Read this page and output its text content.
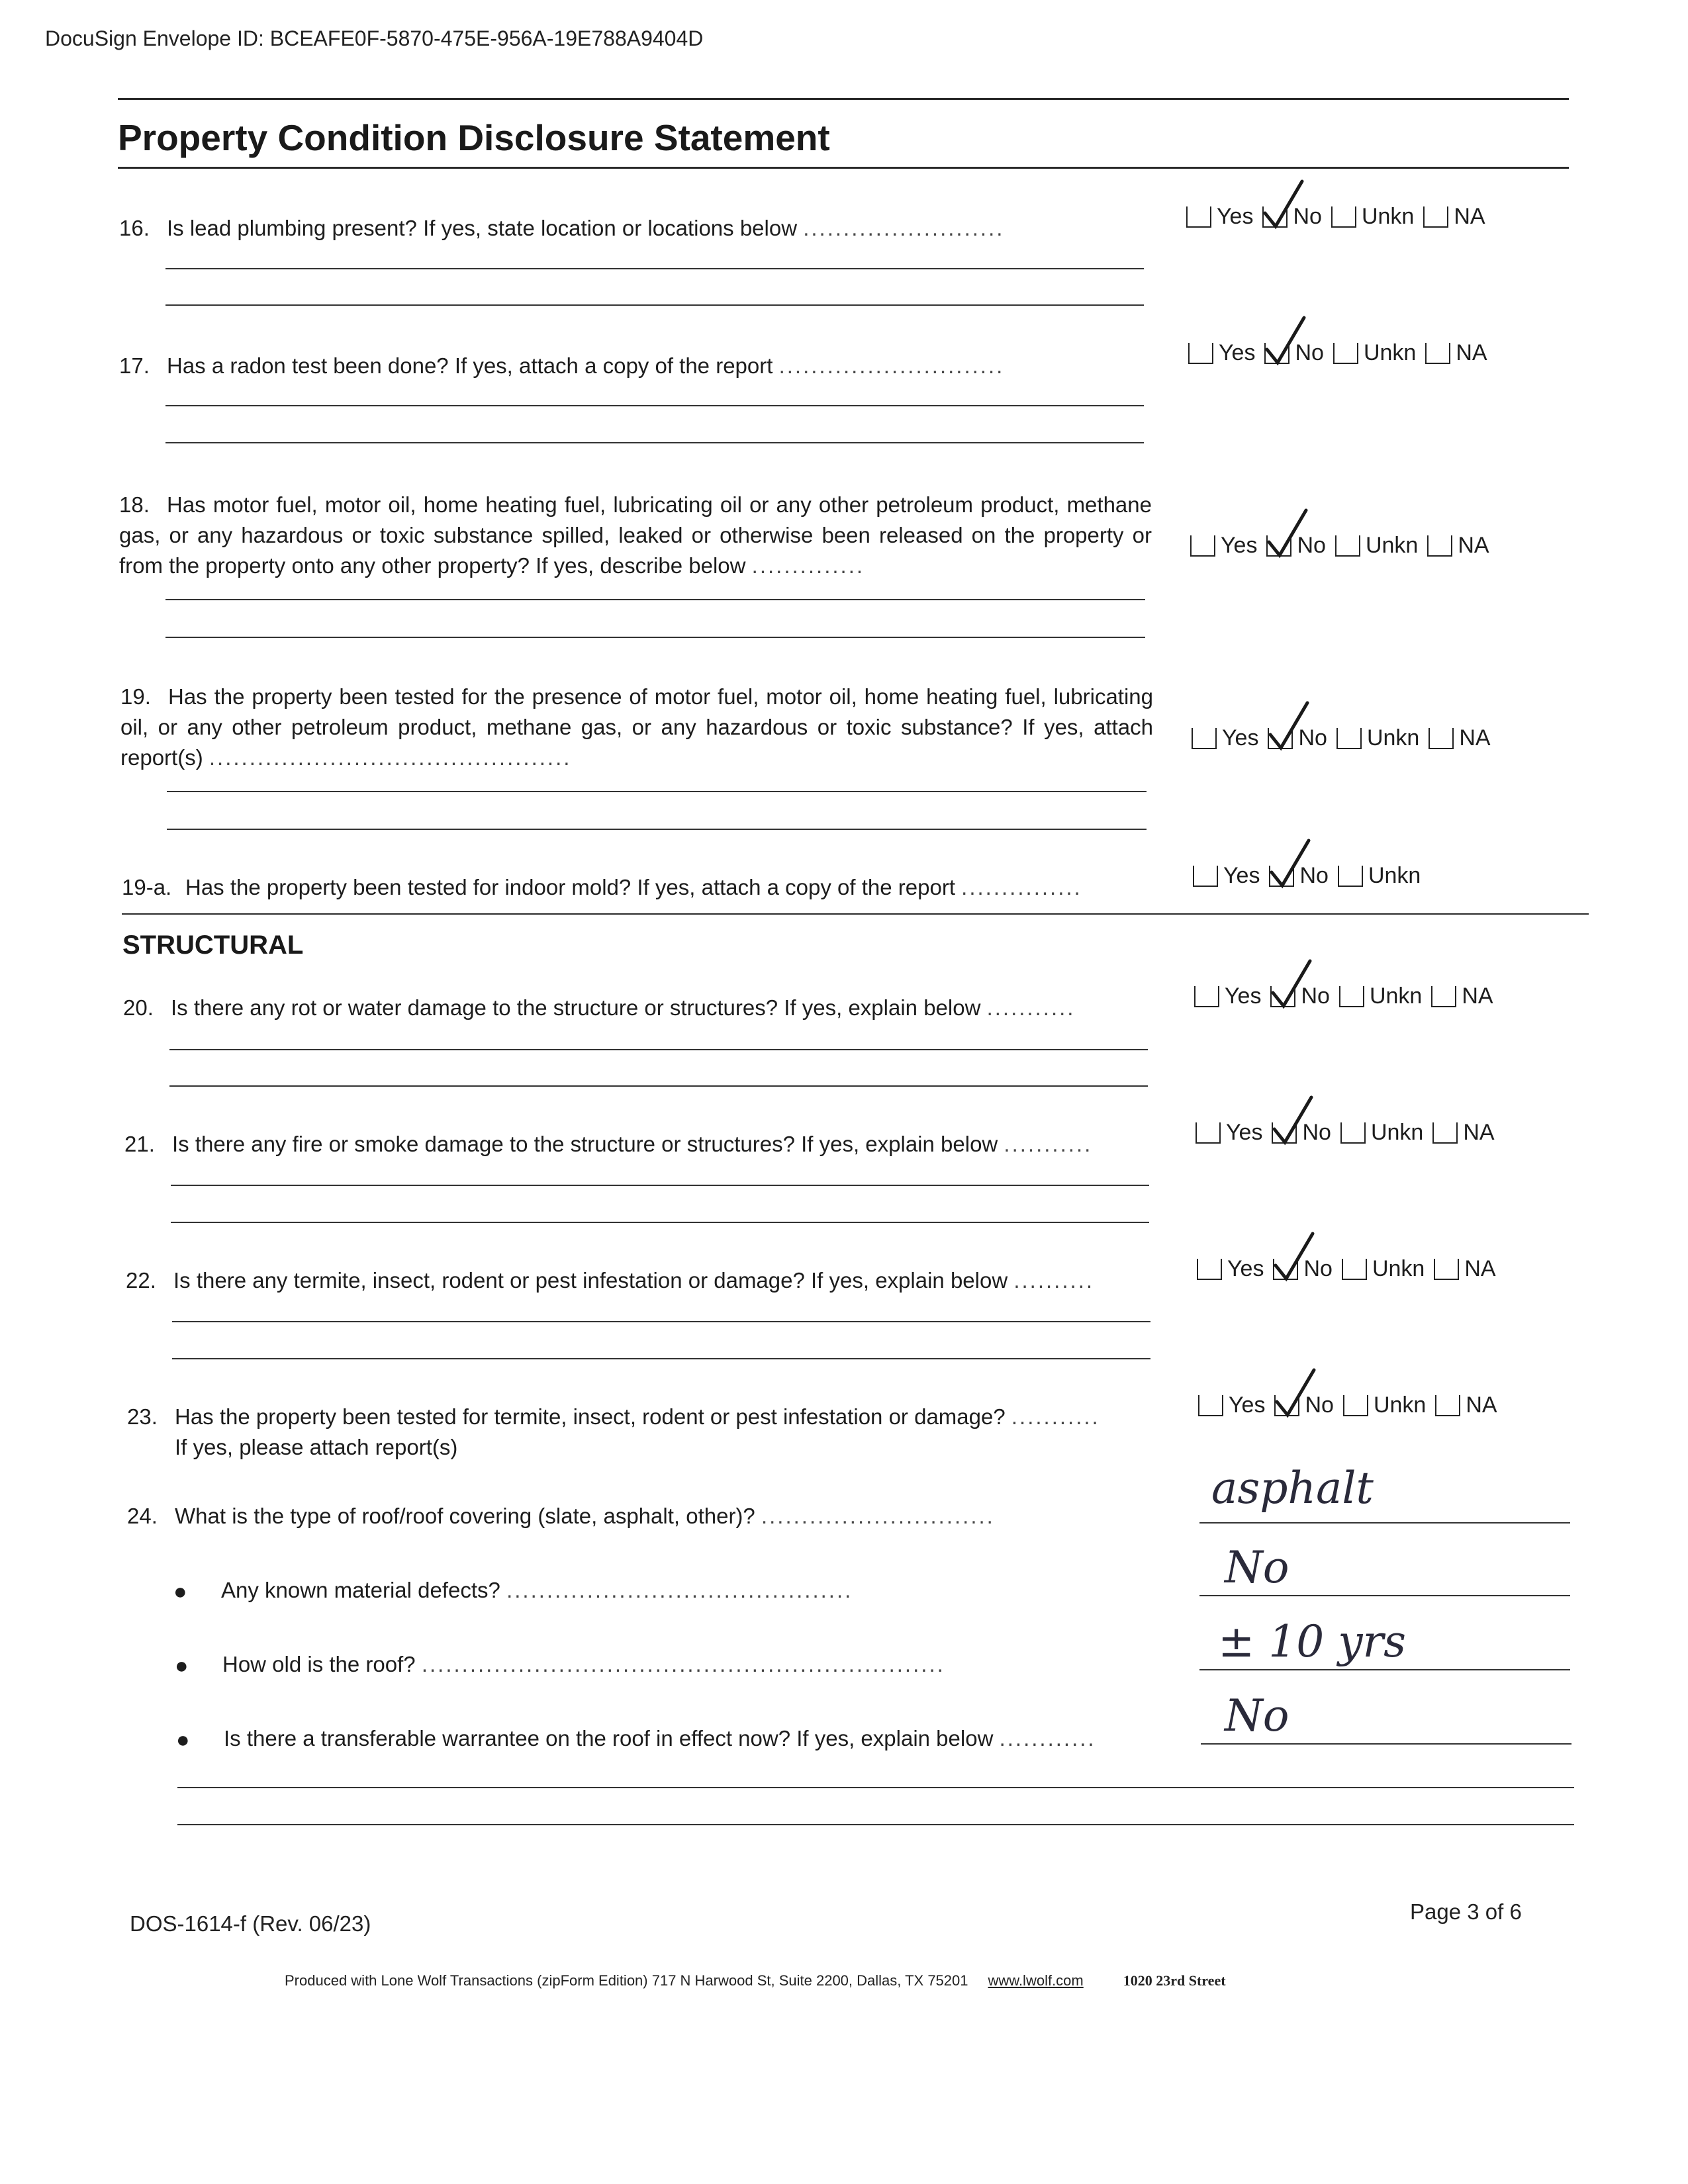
DocuSign Envelope ID: BCEAFE0F-5870-475E-956A-19E788A9404D
Property Condition Disclosure Statement
16. Is lead plumbing present? If yes, state location or locations below .........................	Yes No Unkn NA
17. Has a radon test been done? If yes, attach a copy of the report ............................
Yes No Unkn NA
18. Has motor fuel, motor oil, home heating fuel, lubricating oil or any other petroleum product, methane gas, or any hazardous or toxic substance spilled, leaked or otherwise been released on the property or from the property onto any other property? If yes, describe below ..............
Yes No Unkn NA
19. Has the property been tested for the presence of motor fuel, motor oil, home heating fuel, lubricating oil, or any other petroleum product, methane gas, or any hazardous or toxic substance? If yes, attach report(s) .............................................
Yes No Unkn NA
19-a. Has the property been tested for indoor mold? If yes, attach a copy of the report ...............	Yes No Unkn
STRUCTURAL
20. Is there any rot or water damage to the structure or structures? If yes, explain below ...........	Yes No Unkn NA
21. Is there any fire or smoke damage to the structure or structures? If yes, explain below ...........	Yes No Unkn NA
22. Is there any termite, insect, rodent or pest infestation or damage? If yes, explain below ..........	Yes No Unkn NA
23. Has the property been tested for termite, insect, rodent or pest infestation or damage? ...........
If yes, please attach report(s)
Yes No Unkn NA
24. What is the type of roof/roof covering (slate, asphalt, other)? .............................
asphalt
● Any known material defects? ...........................................	No
● How old is the roof? .................................................................	± 10 yrs
● Is there a transferable warrantee on the roof in effect now? If yes, explain below ............	No
DOS-1614-f (Rev. 06/23)	Page 3 of 6
Produced with Lone Wolf Transactions (zipForm Edition) 717 N Harwood St, Suite 2200, Dallas, TX 75201 www.lwolf.com	1020 23rd Street
